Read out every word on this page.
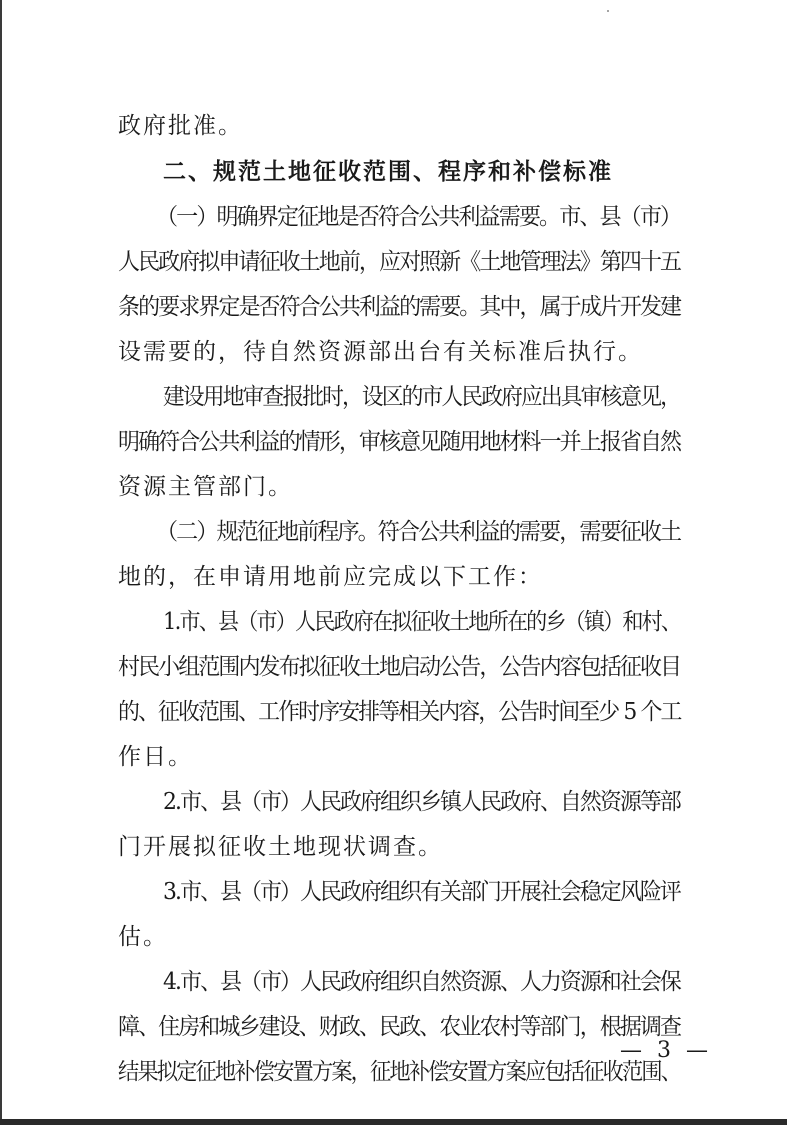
政府批准。
二、规范土地征收范围、程序和补偿标准
（一）明确界定征地是否符合公共利益需要。市、县（市）
人民政府拟申请征收土地前，应对照新《土地管理法》第四十五
条的要求界定是否符合公共利益的需要。其中，属于成片开发建
设需要的，待自然资源部出台有关标准后执行。
建设用地审查报批时，设区的市人民政府应出具审核意见，
明确符合公共利益的情形，审核意见随用地材料一并上报省自然
资源主管部门。
（二）规范征地前程序。符合公共利益的需要，需要征收土
地的，在申请用地前应完成以下工作：
1.市、县（市）人民政府在拟征收土地所在的乡（镇）和村、
村民小组范围内发布拟征收土地启动公告，公告内容包括征收目
的、征收范围、工作时序安排等相关内容，公告时间至少 5 个工
作日。
2.市、县（市）人民政府组织乡镇人民政府、自然资源等部
门开展拟征收土地现状调查。
3.市、县（市）人民政府组织有关部门开展社会稳定风险评
估。
4.市、县（市）人民政府组织自然资源、人力资源和社会保
障、住房和城乡建设、财政、民政、农业农村等部门，根据调查
结果拟定征地补偿安置方案，征地补偿安置方案应包括征收范围、
— 3 —
